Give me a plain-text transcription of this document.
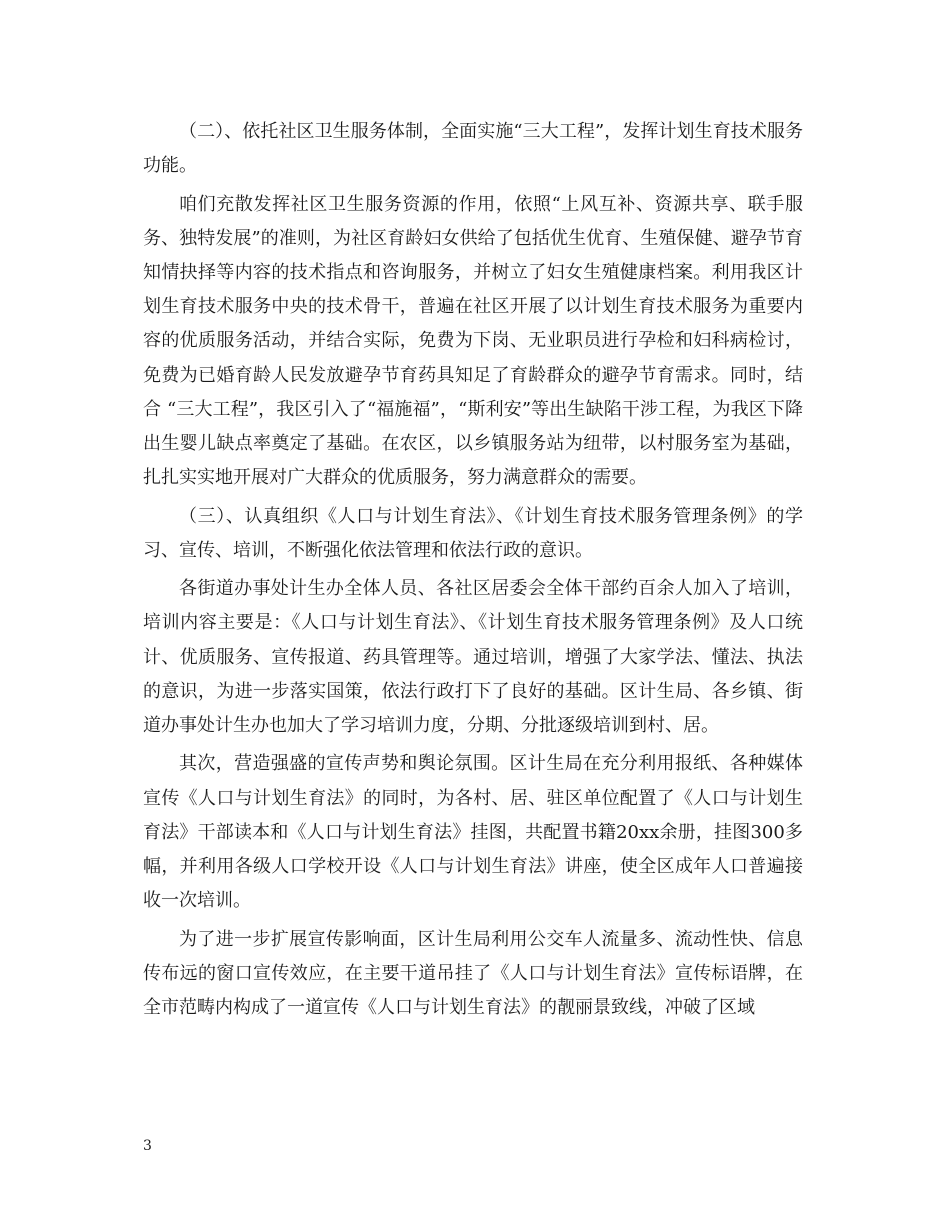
（二）、依托社区卫生服务体制，全面实施“三大工程”，发挥计划生育技术服务功能。

咱们充散发挥社区卫生服务资源的作用，依照“上风互补、资源共享、联手服务、独特发展”的准则，为社区育龄妇女供给了包括优生优育、生殖保健、避孕节育知情抉择等内容的技术指点和咨询服务，并树立了妇女生殖健康档案。利用我区计划生育技术服务中央的技术骨干，普遍在社区开展了以计划生育技术服务为重要内容的优质服务活动，并结合实际，免费为下岗、无业职员进行孕检和妇科病检讨，免费为已婚育龄人民发放避孕节育药具知足了育龄群众的避孕节育需求。同时，结合 “三大工程”，我区引入了“福施福”，“斯利安”等出生缺陷干涉工程，为我区下降出生婴儿缺点率奠定了基础。在农区，以乡镇服务站为纽带，以村服务室为基础，扎扎实实地开展对广大群众的优质服务，努力满意群众的需要。

（三）、认真组织《人口与计划生育法》、《计划生育技术服务管理条例》的学习、宣传、培训，不断强化依法管理和依法行政的意识。

各街道办事处计生办全体人员、各社区居委会全体干部约百余人加入了培训，培训内容主要是：《人口与计划生育法》、《计划生育技术服务管理条例》及人口统计、优质服务、宣传报道、药具管理等。通过培训，增强了大家学法、懂法、执法的意识，为进一步落实国策，依法行政打下了良好的基础。区计生局、各乡镇、街道办事处计生办也加大了学习培训力度，分期、分批逐级培训到村、居。

其次，营造强盛的宣传声势和舆论氛围。区计生局在充分利用报纸、各种媒体宣传《人口与计划生育法》的同时，为各村、居、驻区单位配置了《人口与计划生育法》干部读本和《人口与计划生育法》挂图，共配置书籍20xx余册，挂图300多幅，并利用各级人口学校开设《人口与计划生育法》讲座，使全区成年人口普遍接收一次培训。

为了进一步扩展宣传影响面，区计生局利用公交车人流量多、流动性快、信息传布远的窗口宣传效应，在主要干道吊挂了《人口与计划生育法》宣传标语牌，在全市范畴内构成了一道宣传《人口与计划生育法》的靓丽景致线，冲破了区域

3
